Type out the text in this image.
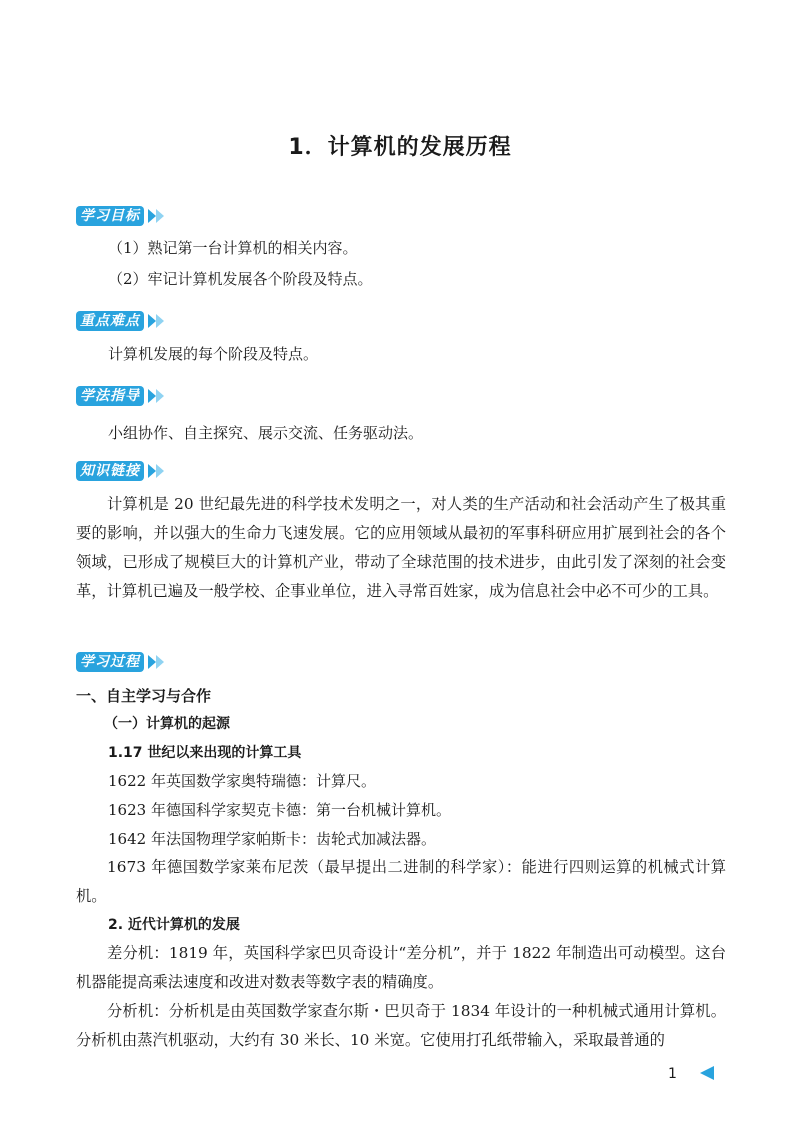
1．计算机的发展历程
学习目标
（1）熟记第一台计算机的相关内容。
（2）牢记计算机发展各个阶段及特点。
重点难点
计算机发展的每个阶段及特点。
学法指导
小组协作、自主探究、展示交流、任务驱动法。
知识链接
计算机是 20 世纪最先进的科学技术发明之一，对人类的生产活动和社会活动产生了极其重要的影响，并以强大的生命力飞速发展。它的应用领域从最初的军事科研应用扩展到社会的各个领域，已形成了规模巨大的计算机产业，带动了全球范围的技术进步，由此引发了深刻的社会变革，计算机已遍及一般学校、企事业单位，进入寻常百姓家，成为信息社会中必不可少的工具。
学习过程
一、自主学习与合作
（一）计算机的起源
1.17 世纪以来出现的计算工具
1622 年英国数学家奥特瑞德：计算尺。
1623 年德国科学家契克卡德：第一台机械计算机。
1642 年法国物理学家帕斯卡：齿轮式加减法器。
1673 年德国数学家莱布尼茨（最早提出二进制的科学家）：能进行四则运算的机械式计算机。
2. 近代计算机的发展
差分机：1819 年，英国科学家巴贝奇设计“差分机”，并于 1822 年制造出可动模型。这台机器能提高乘法速度和改进对数表等数字表的精确度。
分析机：分析机是由英国数学家查尔斯・巴贝奇于 1834 年设计的一种机械式通用计算机。分析机由蒸汽机驱动，大约有 30 米长、10 米宽。它使用打孔纸带输入，采取最普通的
1
